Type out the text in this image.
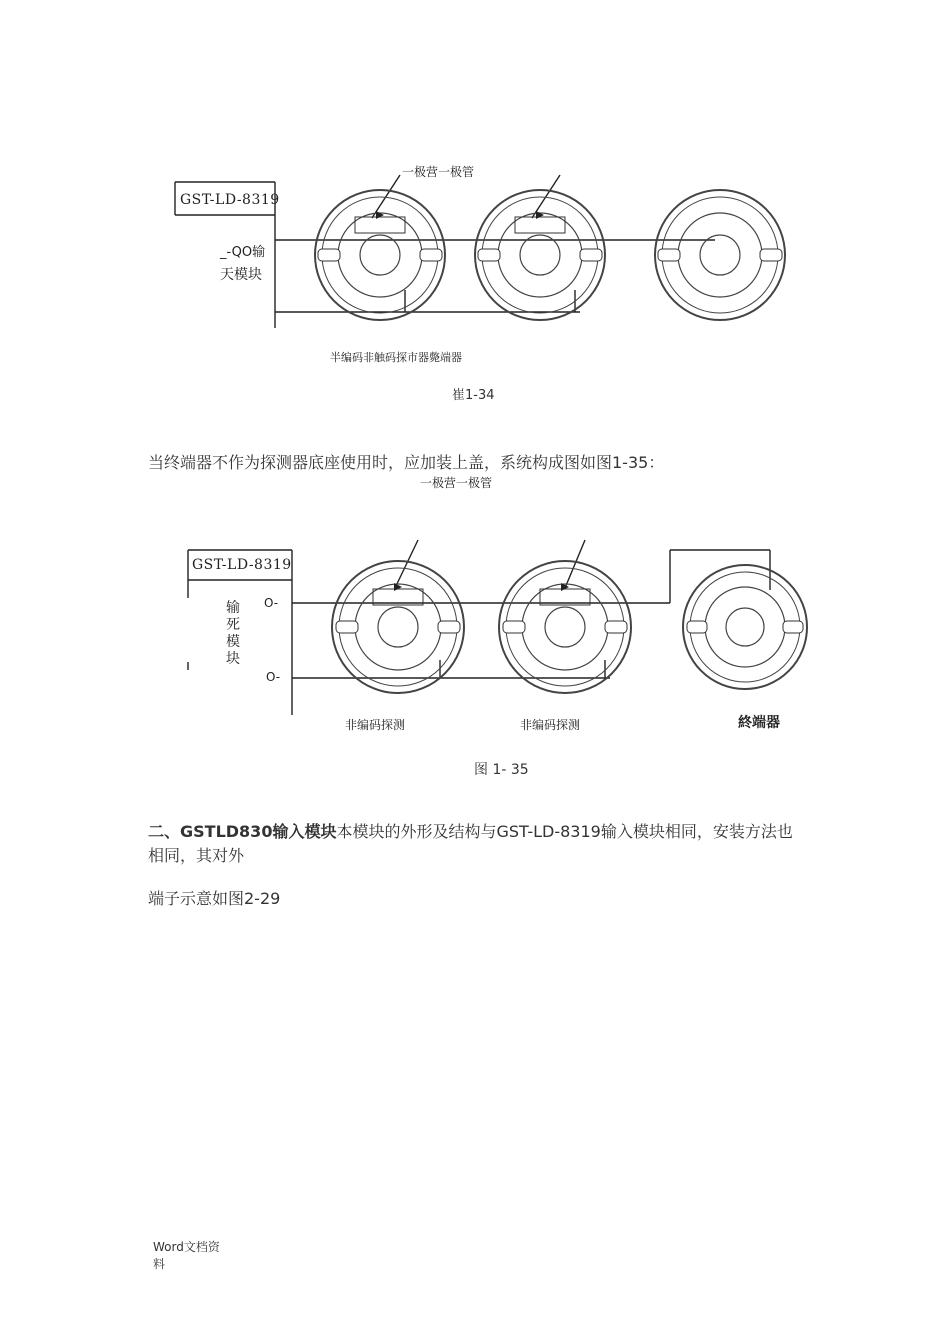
一极营一极管
GST-LD-8319
_-QO输
天模块
半编码非触码探市器斃端器
崔1-34
当终端器不作为探测器底座使用时，应加装上盖，系统构成图如图1-35：
一极营一极管
GST-LD-8319
输
死
模
块
O-
O-
非编码探测	非编码探测	終端器
图 1- 35
二、GSTLD830输入模块本模块的外形及结构与GST-LD-8319输入模块相同，安装方法也相同，其对外
端子示意如图2-29
Word文档资
料
